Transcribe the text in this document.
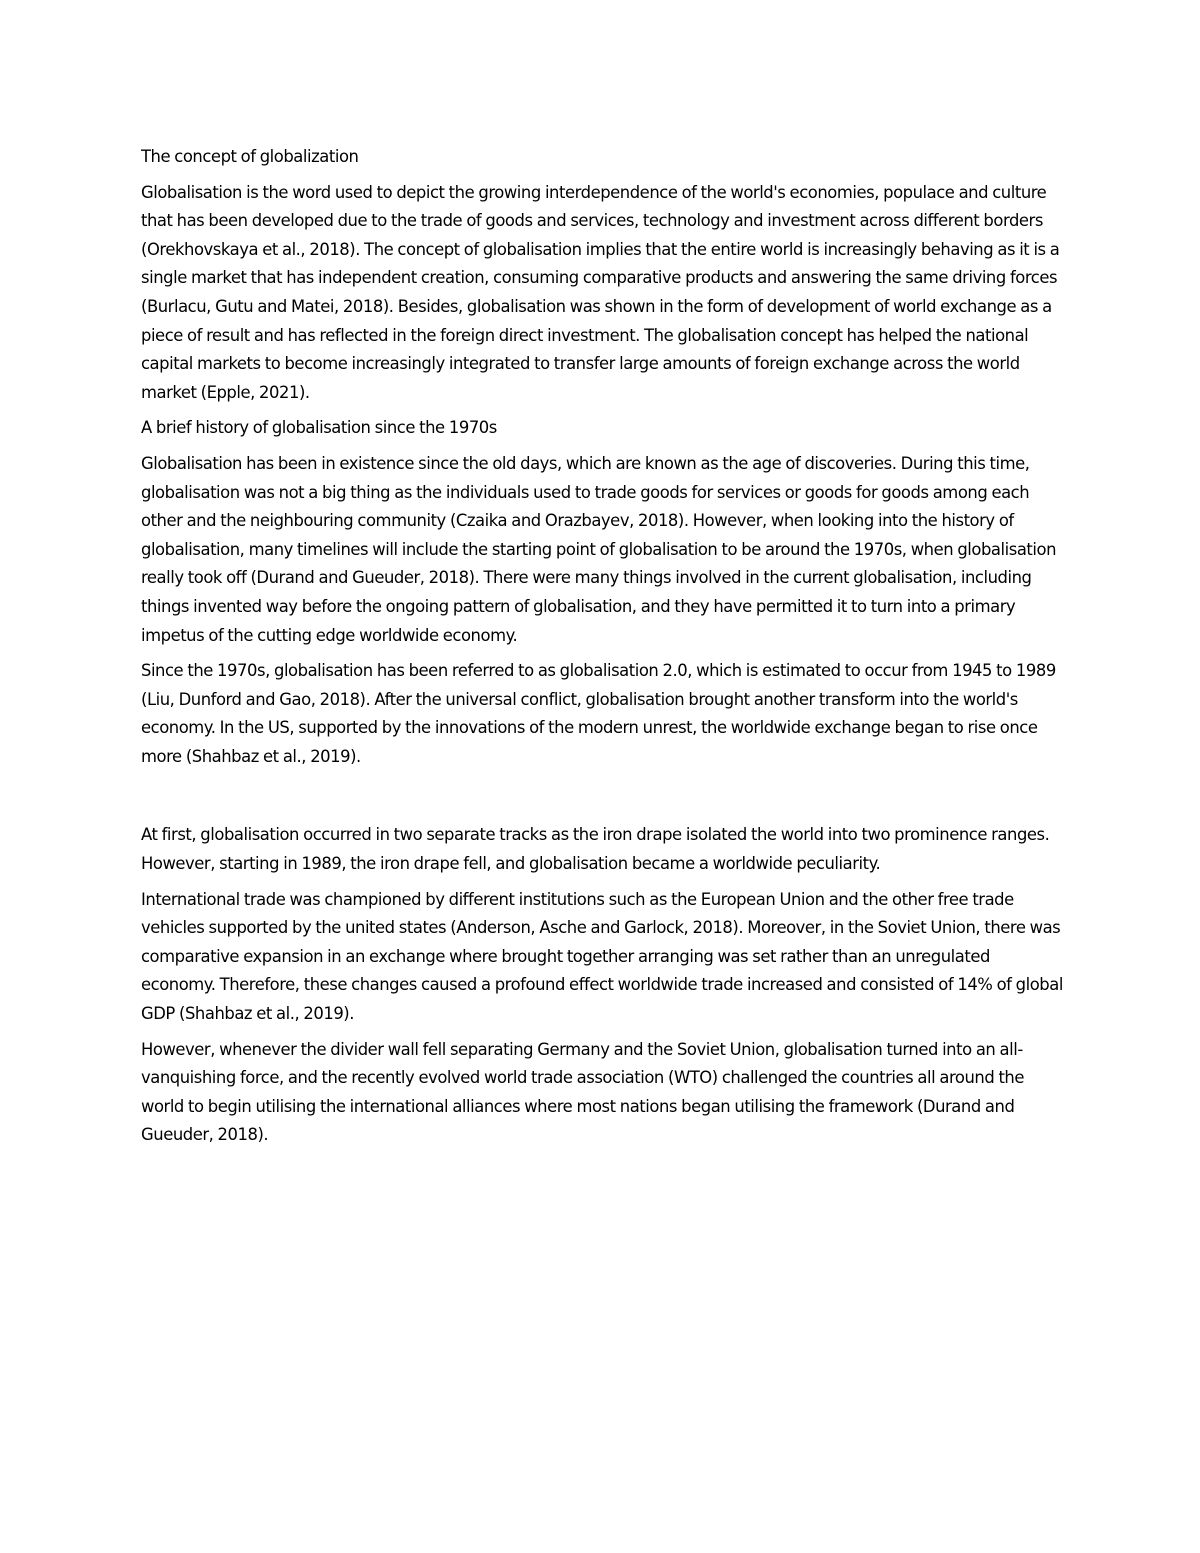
The concept of globalization

Globalisation is the word used to depict the growing interdependence of the world's economies, populace and culture that has been developed due to the trade of goods and services, technology and investment across different borders (Orekhovskaya et al., 2018). The concept of globalisation implies that the entire world is increasingly behaving as it is a single market that has independent creation, consuming comparative products and answering the same driving forces (Burlacu, Gutu and Matei, 2018). Besides, globalisation was shown in the form of development of world exchange as a piece of result and has reflected in the foreign direct investment. The globalisation concept has helped the national capital markets to become increasingly integrated to transfer large amounts of foreign exchange across the world market (Epple, 2021).

A brief history of globalisation since the 1970s

Globalisation has been in existence since the old days, which are known as the age of discoveries. During this time, globalisation was not a big thing as the individuals used to trade goods for services or goods for goods among each other and the neighbouring community (Czaika and Orazbayev, 2018). However, when looking into the history of globalisation, many timelines will include the starting point of globalisation to be around the 1970s, when globalisation really took off (Durand and Gueuder, 2018). There were many things involved in the current globalisation, including things invented way before the ongoing pattern of globalisation, and they have permitted it to turn into a primary impetus of the cutting edge worldwide economy.

Since the 1970s, globalisation has been referred to as globalisation 2.0, which is estimated to occur from 1945 to 1989 (Liu, Dunford and Gao, 2018). After the universal conflict, globalisation brought another transform into the world's economy. In the US, supported by the innovations of the modern unrest, the worldwide exchange began to rise once more (Shahbaz et al., 2019).

At first, globalisation occurred in two separate tracks as the iron drape isolated the world into two prominence ranges. However, starting in 1989, the iron drape fell, and globalisation became a worldwide peculiarity.

International trade was championed by different institutions such as the European Union and the other free trade vehicles supported by the united states (Anderson, Asche and Garlock, 2018). Moreover, in the Soviet Union, there was comparative expansion in an exchange where brought together arranging was set rather than an unregulated economy. Therefore, these changes caused a profound effect worldwide trade increased and consisted of 14% of global GDP (Shahbaz et al., 2019).

However, whenever the divider wall fell separating Germany and the Soviet Union, globalisation turned into an all-vanquishing force, and the recently evolved world trade association (WTO) challenged the countries all around the world to begin utilising the international alliances where most nations began utilising the framework (Durand and Gueuder, 2018).
